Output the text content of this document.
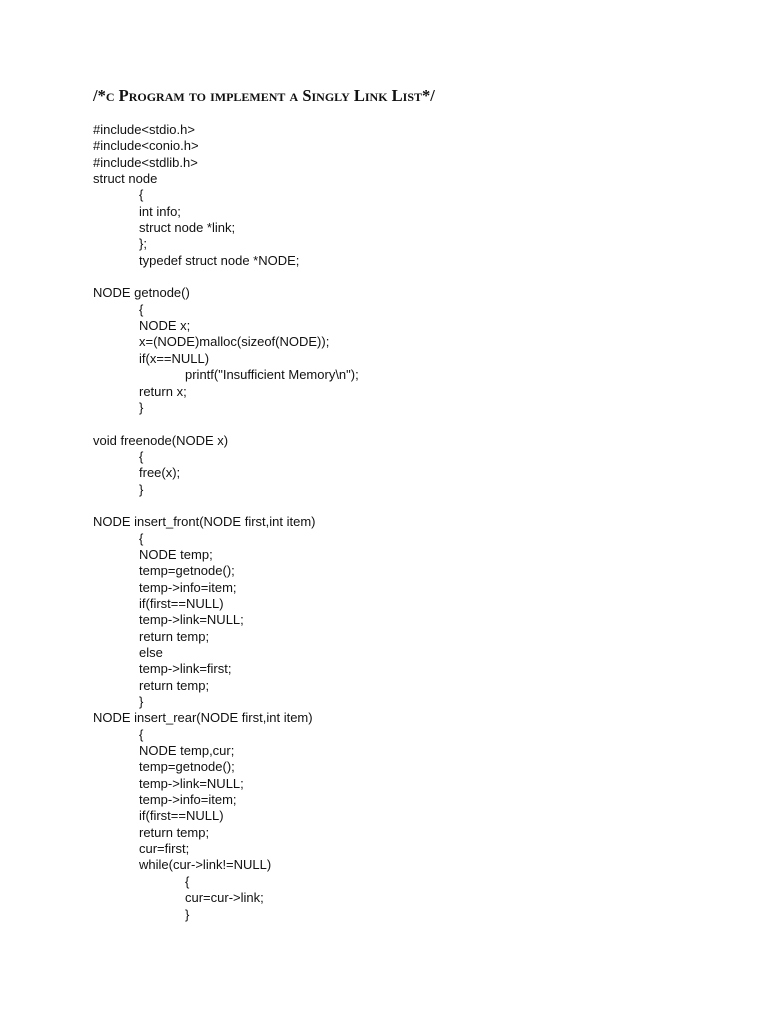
/*c Program to implement a Singly Link List*/
#include<stdio.h>
#include<conio.h>
#include<stdlib.h>
struct node
{
int info;
struct node *link;
};
typedef struct node *NODE;
NODE getnode()
{
NODE x;
x=(NODE)malloc(sizeof(NODE));
if(x==NULL)
printf("Insufficient Memory\n");
return x;
}
void freenode(NODE x)
{
free(x);
}
NODE insert_front(NODE first,int item)
{
NODE temp;
temp=getnode();
temp->info=item;
if(first==NULL)
temp->link=NULL;
return temp;
else
temp->link=first;
return temp;
}
NODE insert_rear(NODE first,int item)
{
NODE temp,cur;
temp=getnode();
temp->link=NULL;
temp->info=item;
if(first==NULL)
return temp;
cur=first;
while(cur->link!=NULL)
{
cur=cur->link;
}
